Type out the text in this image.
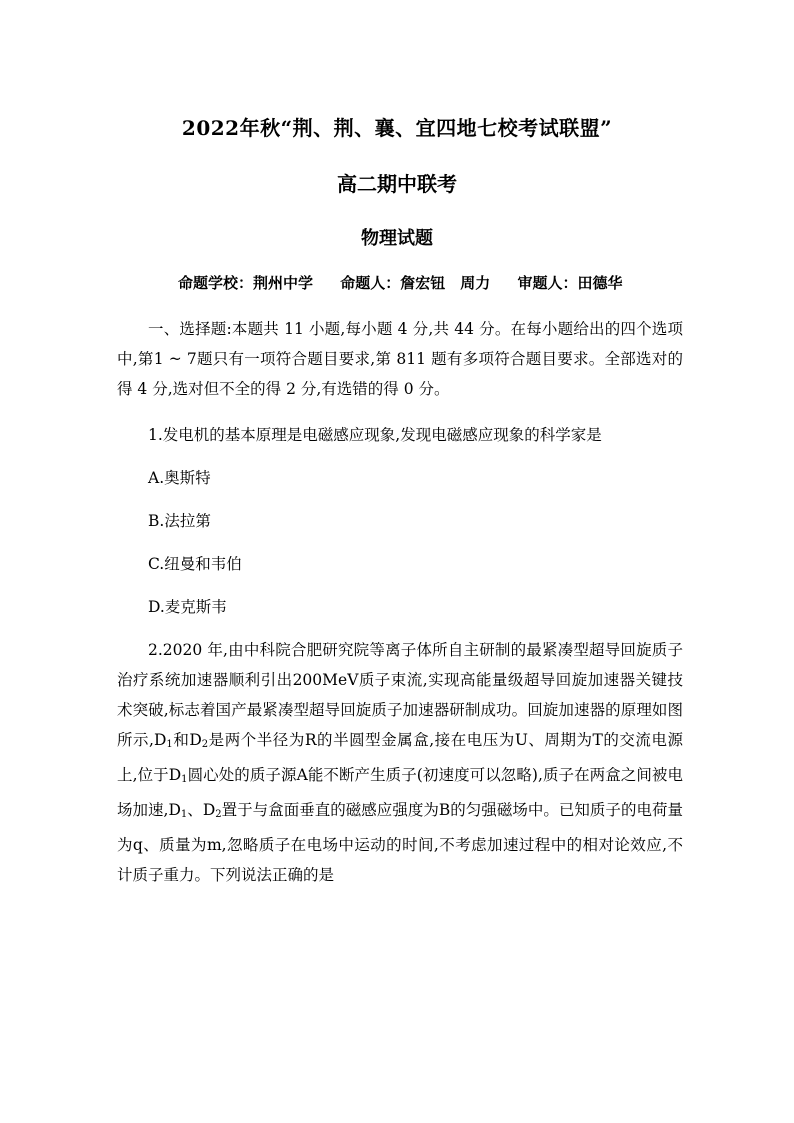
2022年秋“荆、荆、襄、宜四地七校考试联盟”
高二期中联考
物理试题
命题学校：荆州中学 命题人：詹宏钮　周力 审题人：田德华
一、选择题:本题共 11 小题,每小题 4 分,共 44 分。在每小题给出的四个选项中,第1 ~ 7题只有一项符合题目要求,第 811 题有多项符合题目要求。全部选对的得 4 分,选对但不全的得 2 分,有选错的得 0 分。
1.发电机的基本原理是电磁感应现象,发现电磁感应现象的科学家是
A.奥斯特
B.法拉第
C.纽曼和韦伯
D.麦克斯韦
2.2020 年,由中科院合肥研究院等离子体所自主研制的最紧凑型超导回旋质子治疗系统加速器顺利引出200MeV质子束流,实现高能量级超导回旋加速器关键技术突破,标志着国产最紧凑型超导回旋质子加速器研制成功。回旋加速器的原理如图所示$,D_1$和$D_2$是两个半径为R的半圆型金属盒,接在电压为U、周期为T的交流电源上,位于$D_1$圆心处的质子源A能不断产生质子(初速度可以忽略),质子在两盒之间被电场加速$,D_1$、$D_2$置于与盒面垂直的磁感应强度为B的匀强磁场中。已知质子的电荷量为q、质量为m,忽略质子在电场中运动的时间,不考虑加速过程中的相对论效应,不计质子重力。下列说法正确的是
